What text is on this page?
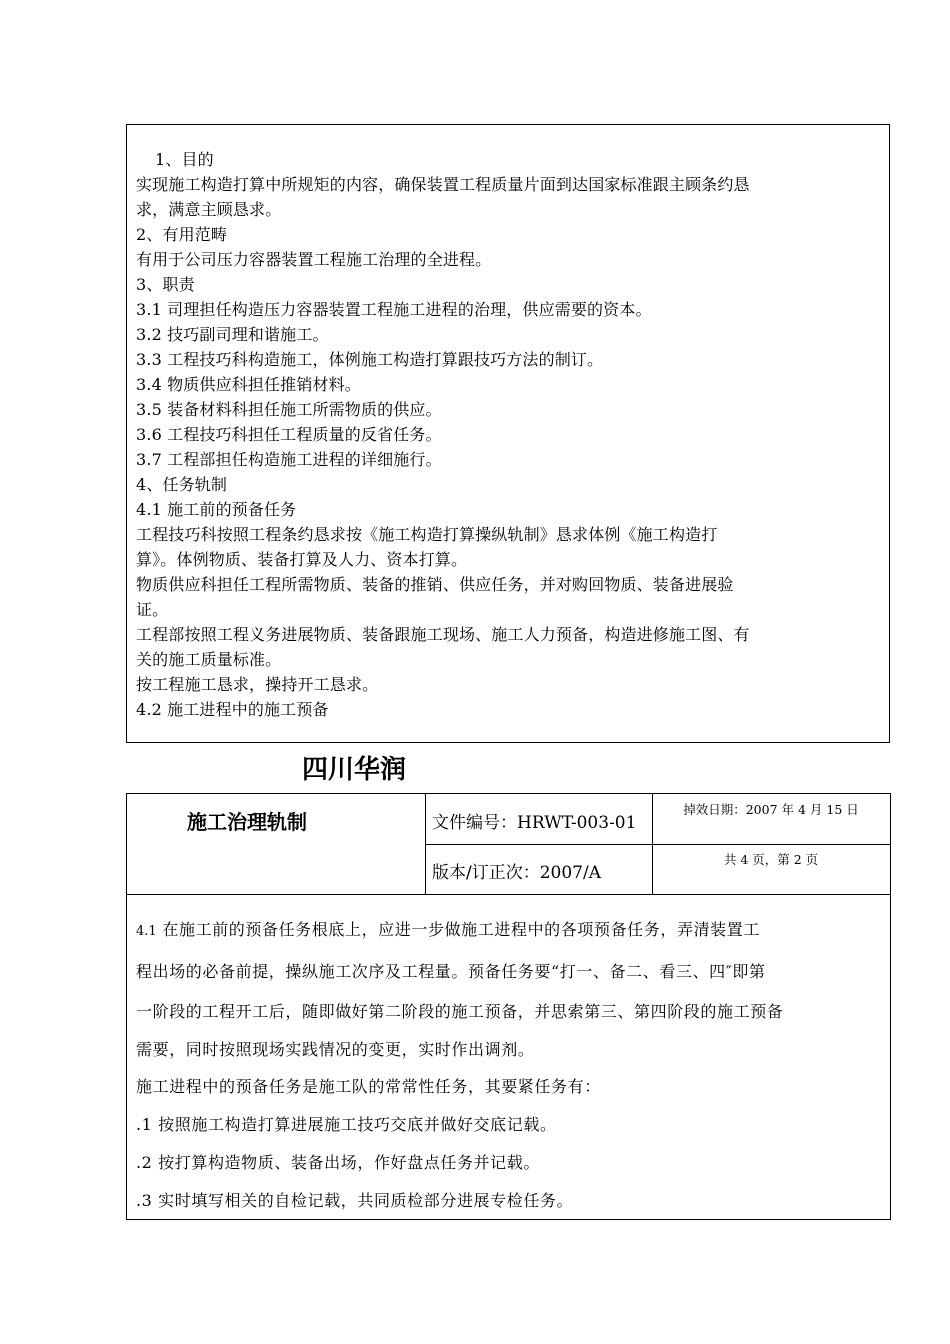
1、目的

实现施工构造打算中所规矩的内容，确保装置工程质量片面到达国家标准跟主顾条约恳

求，满意主顾恳求。

2、有用范畴

有用于公司压力容器装置工程施工治理的全进程。

3、职责

3.1 司理担任构造压力容器装置工程施工进程的治理，供应需要的资本。

3.2 技巧副司理和谐施工。

3.3 工程技巧科构造施工，体例施工构造打算跟技巧方法的制订。

3.4 物质供应科担任推销材料。

3.5 装备材料科担任施工所需物质的供应。

3.6 工程技巧科担任工程质量的反省任务。

3.7 工程部担任构造施工进程的详细施行。

4、任务轨制

4.1 施工前的预备任务

工程技巧科按照工程条约恳求按《施工构造打算操纵轨制》恳求体例《施工构造打

算》。体例物质、装备打算及人力、资本打算。

物质供应科担任工程所需物质、装备的推销、供应任务，并对购回物质、装备进展验

证。

工程部按照工程义务进展物质、装备跟施工现场、施工人力预备，构造进修施工图、有

关的施工质量标准。

按工程施工恳求，操持开工恳求。

4.2 施工进程中的施工预备

四川华润
施工治理轨制	文件编号：HRWT-003-01
掉效日期：2007 年 4 月 15 日
版本/订正次：2007/A
共 4 页，第 2 页

4.1 在施工前的预备任务根底上，应进一步做施工进程中的各项预备任务，弄清装置工

程出场的必备前提，操纵施工次序及工程量。预备任务要“打一、备二、看三、四″即第

一阶段的工程开工后，随即做好第二阶段的施工预备，并思索第三、第四阶段的施工预备

需要，同时按照现场实践情况的变更，实时作出调剂。

施工进程中的预备任务是施工队的常常性任务，其要紧任务有：

.1 按照施工构造打算进展施工技巧交底并做好交底记载。

.2 按打算构造物质、装备出场，作好盘点任务并记载。

.3 实时填写相关的自检记载，共同质检部分进展专检任务。
